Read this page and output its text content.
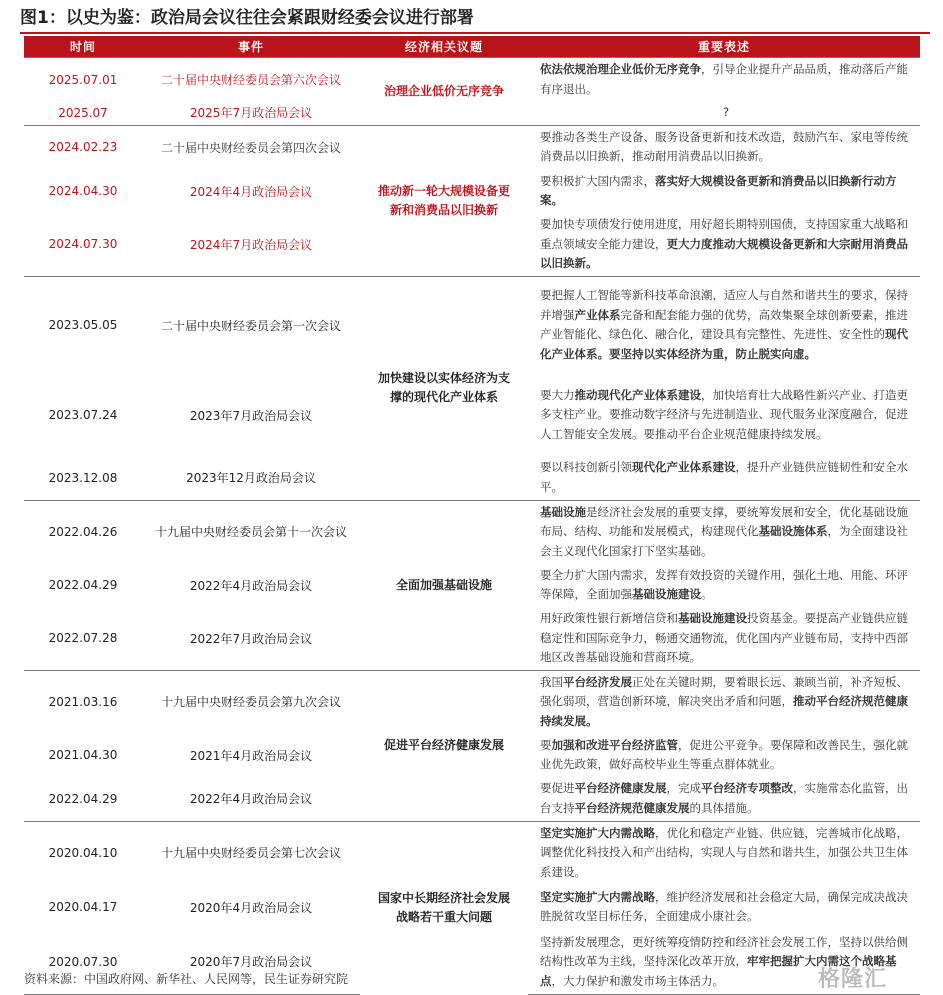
图1：以史为鉴：政治局会议往往会紧跟财经委会议进行部署
时间	事件	经济相关议题	重要表述
2025.07.01	二十届中央财经委员会第六次会议	治理企业低价无序竞争	依法依规治理企业低价无序竞争，引导企业提升产品品质，推动落后产能有序退出。
2025.07	2025年7月政治局会议		?
2024.02.23	二十届中央财经委员会第四次会议	推动新一轮大规模设备更新和消费品以旧换新	要推动各类生产设备、服务设备更新和技术改造，鼓励汽车、家电等传统消费品以旧换新，推动耐用消费品以旧换新。
2024.04.30	2024年4月政治局会议		要积极扩大国内需求，落实好大规模设备更新和消费品以旧换新行动方案。
2024.07.30	2024年7月政治局会议		要加快专项债发行使用进度，用好超长期特别国债，支持国家重大战略和重点领域安全能力建设，更大力度推动大规模设备更新和大宗耐用消费品以旧换新。
2023.05.05	二十届中央财经委员会第一次会议	加快建设以实体经济为支撑的现代化产业体系	要把握人工智能等新科技革命浪潮，适应人与自然和谐共生的要求，保持并增强产业体系完备和配套能力强的优势，高效集聚全球创新要素，推进产业智能化、绿色化、融合化，建设具有完整性、先进性、安全性的现代化产业体系。要坚持以实体经济为重，防止脱实向虚。
2023.07.24	2023年7月政治局会议		要大力推动现代化产业体系建设，加快培育壮大战略性新兴产业、打造更多支柱产业。要推动数字经济与先进制造业、现代服务业深度融合，促进人工智能安全发展。要推动平台企业规范健康持续发展。
2023.12.08	2023年12月政治局会议		要以科技创新引领现代化产业体系建设，提升产业链供应链韧性和安全水平。
2022.04.26	十九届中央财经委员会第十一次会议	全面加强基础设施	基础设施是经济社会发展的重要支撑，要统筹发展和安全，优化基础设施布局、结构、功能和发展模式，构建现代化基础设施体系，为全面建设社会主义现代化国家打下坚实基础。
2022.04.29	2022年4月政治局会议		要全力扩大国内需求，发挥有效投资的关键作用，强化土地、用能、环评等保障，全面加强基础设施建设。
2022.07.28	2022年7月政治局会议		用好政策性银行新增信贷和基础设施建设投资基金。要提高产业链供应链稳定性和国际竞争力，畅通交通物流，优化国内产业链布局，支持中西部地区改善基础设施和营商环境。
2021.03.16	十九届中央财经委员会第九次会议	促进平台经济健康发展	我国平台经济发展正处在关键时期，要着眼长远、兼顾当前，补齐短板、强化弱项，营造创新环境，解决突出矛盾和问题，推动平台经济规范健康持续发展。
2021.04.30	2021年4月政治局会议		要加强和改进平台经济监管，促进公平竞争。要保障和改善民生，强化就业优先政策，做好高校毕业生等重点群体就业。
2022.04.29	2022年4月政治局会议		要促进平台经济健康发展，完成平台经济专项整改，实施常态化监管，出台支持平台经济规范健康发展的具体措施。
2020.04.10	十九届中央财经委员会第七次会议	国家中长期经济社会发展战略若干重大问题	坚定实施扩大内需战略，优化和稳定产业链、供应链，完善城市化战略，调整优化科技投入和产出结构，实现人与自然和谐共生，加强公共卫生体系建设。
2020.04.17	2020年4月政治局会议		坚定实施扩大内需战略，维护经济发展和社会稳定大局，确保完成决战决胜脱贫攻坚目标任务，全面建成小康社会。
2020.07.30	2020年7月政治局会议		坚持新发展理念，更好统筹疫情防控和经济社会发展工作，坚持以供给侧结构性改革为主线，坚持深化改革开放，牢牢把握扩大内需这个战略基点，大力保护和激发市场主体活力。
资料来源：中国政府网、新华社、人民网等，民生证券研究院	格隆汇
